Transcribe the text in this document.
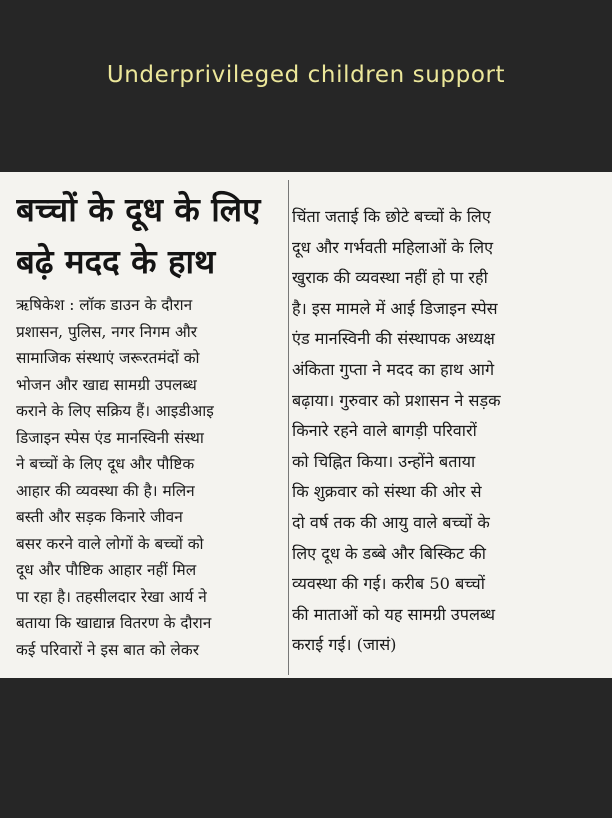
Underprivileged children support
बच्चों के दूध के लिए
बढ़े मदद के हाथ
ऋषिकेश : लॉक डाउन के दौरान
प्रशासन, पुलिस, नगर निगम और
सामाजिक संस्थाएं जरूरतमंदों को
भोजन और खाद्य सामग्री उपलब्ध
कराने के लिए सक्रिय हैं। आइडीआइ
डिजाइन स्पेस एंड मानस्विनी संस्था
ने बच्चों के लिए दूध और पौष्टिक
आहार की व्यवस्था की है। मलिन
बस्ती और सड़क किनारे जीवन
बसर करने वाले लोगों के बच्चों को
दूध और पौष्टिक आहार नहीं मिल
पा रहा है। तहसीलदार रेखा आर्य ने
बताया कि खाद्यान्न वितरण के दौरान
कई परिवारों ने इस बात को लेकर
चिंता जताई कि छोटे बच्चों के लिए
दूध और गर्भवती महिलाओं के लिए
खुराक की व्यवस्था नहीं हो पा रही
है। इस मामले में आई डिजाइन स्पेस
एंड मानस्विनी की संस्थापक अध्यक्ष
अंकिता गुप्ता ने मदद का हाथ आगे
बढ़ाया। गुरुवार को प्रशासन ने सड़क
किनारे रहने वाले बागड़ी परिवारों
को चिह्नित किया। उन्होंने बताया
कि शुक्रवार को संस्था की ओर से
दो वर्ष तक की आयु वाले बच्चों के
लिए दूध के डब्बे और बिस्किट की
व्यवस्था की गई। करीब 50 बच्चों
की माताओं को यह सामग्री उपलब्ध
कराई गई। (जासं)
